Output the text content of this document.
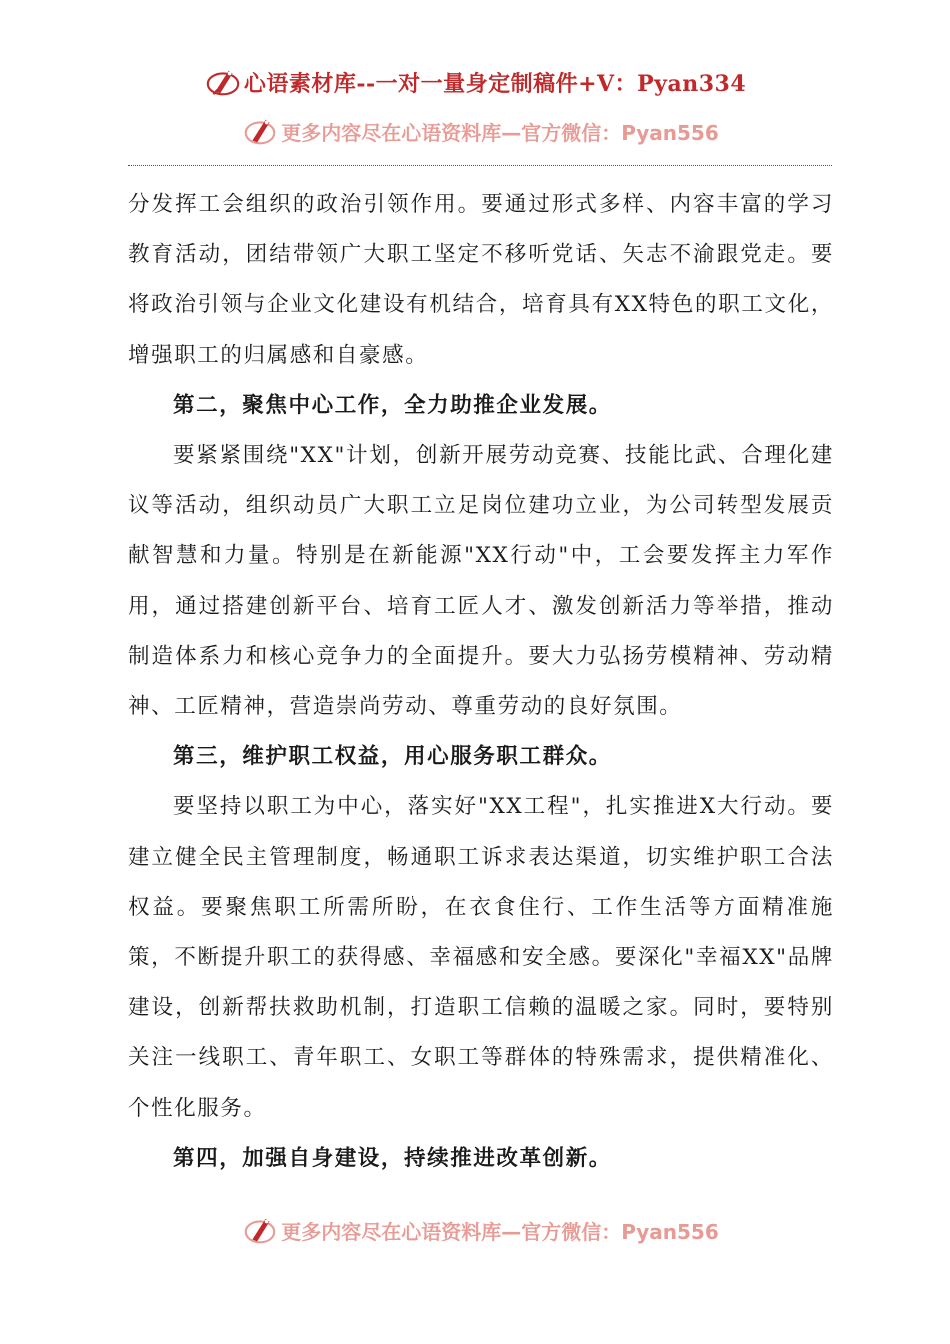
心语素材库--一对一量身定制稿件+V：Pyan334
更多内容尽在心语资料库—官方微信：Pyan556

分发挥工会组织的政治引领作用。要通过形式多样、内容丰富的学习教育活动，团结带领广大职工坚定不移听党话、矢志不渝跟党走。要将政治引领与企业文化建设有机结合，培育具有XX特色的职工文化，增强职工的归属感和自豪感。

第二，聚焦中心工作，全力助推企业发展。

要紧紧围绕"XX"计划，创新开展劳动竞赛、技能比武、合理化建议等活动，组织动员广大职工立足岗位建功立业，为公司转型发展贡献智慧和力量。特别是在新能源"XX行动"中，工会要发挥主力军作用，通过搭建创新平台、培育工匠人才、激发创新活力等举措，推动制造体系力和核心竞争力的全面提升。要大力弘扬劳模精神、劳动精神、工匠精神，营造崇尚劳动、尊重劳动的良好氛围。

第三，维护职工权益，用心服务职工群众。

要坚持以职工为中心，落实好"XX工程"，扎实推进X大行动。要建立健全民主管理制度，畅通职工诉求表达渠道，切实维护职工合法权益。要聚焦职工所需所盼，在衣食住行、工作生活等方面精准施策，不断提升职工的获得感、幸福感和安全感。要深化"幸福XX"品牌建设，创新帮扶救助机制，打造职工信赖的温暖之家。同时，要特别关注一线职工、青年职工、女职工等群体的特殊需求，提供精准化、个性化服务。

第四，加强自身建设，持续推进改革创新。

更多内容尽在心语资料库—官方微信：Pyan556
